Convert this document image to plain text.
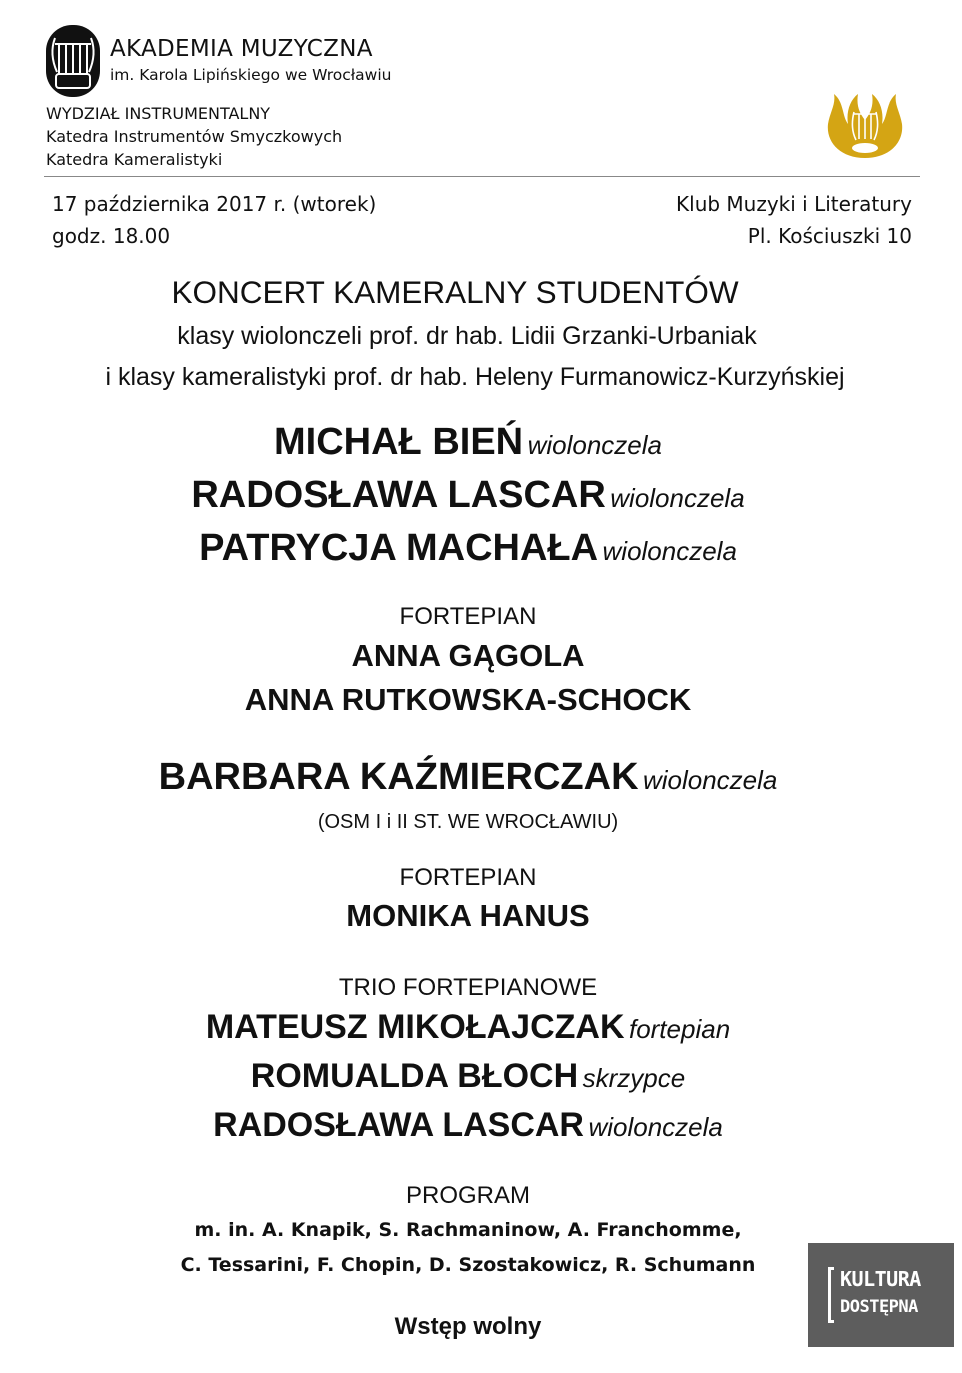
AKADEMIA MUZYCZNA
im. Karola Lipińskiego we Wrocławiu
WYDZIAŁ INSTRUMENTALNY
Katedra Instrumentów Smyczkowych
Katedra Kameralistyki
17 października 2017 r. (wtorek)
godz. 18.00
Klub Muzyki i Literatury
Pl. Kościuszki 10
KONCERT KAMERALNY STUDENTÓW
klasy wiolonczeli prof. dr hab. Lidii Grzanki-Urbaniak
i klasy kameralistyki prof. dr hab. Heleny Furmanowicz-Kurzyńskiej
MICHAŁ BIEŃ wiolonczela
RADOSŁAWA LASCAR wiolonczela
PATRYCJA MACHAŁA wiolonczela
FORTEPIAN
ANNA GĄGOLA
ANNA RUTKOWSKA-SCHOCK
BARBARA KAŹMIERCZAK wiolonczela
(OSM I i II ST. WE WROCŁAWIU)
FORTEPIAN
MONIKA HANUS
TRIO FORTEPIANOWE
MATEUSZ MIKOŁAJCZAK fortepian
ROMUALDA BŁOCH skrzypce
RADOSŁAWA LASCAR wiolonczela
PROGRAM
m. in. A. Knapik, S. Rachmaninow, A. Franchomme,
C. Tessarini, F. Chopin, D. Szostakowicz, R. Schumann
Wstęp wolny
KULTURA
DOSTĘPNA
